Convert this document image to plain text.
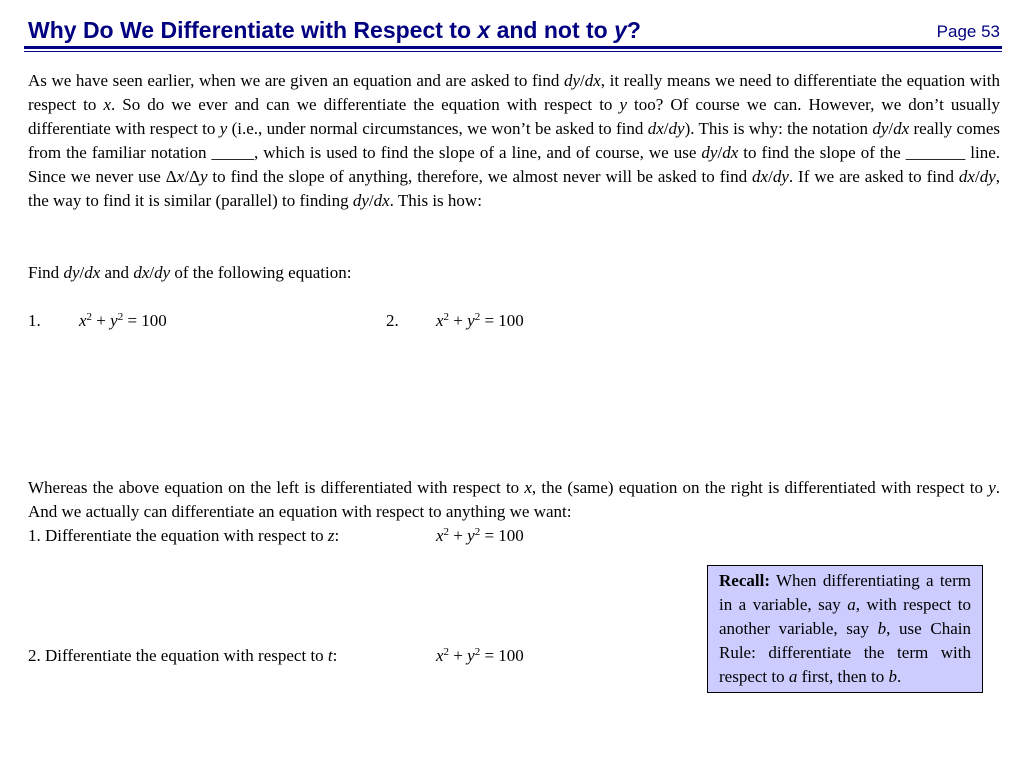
Why Do We Differentiate with Respect to x and not to y?	Page 53
As we have seen earlier, when we are given an equation and are asked to find dy/dx, it really means we need to differentiate the equation with respect to x. So do we ever and can we differentiate the equation with respect to y too? Of course we can. However, we don’t usually differentiate with respect to y (i.e., under normal circumstances, we won’t be asked to find dx/dy). This is why: the notation dy/dx really comes from the familiar notation _____, which is used to find the slope of a line, and of course, we use dy/dx to find the slope of the _______ line. Since we never use Δx/Δy to find the slope of anything, therefore, we almost never will be asked to find dx/dy. If we are asked to find dx/dy, the way to find it is similar (parallel) to finding dy/dx. This is how:
Find dy/dx and dx/dy of the following equation:
1. $x^2 + y^2 = 100$	2. $x^2 + y^2 = 100$
Whereas the above equation on the left is differentiated with respect to x, the (same) equation on the right is differentiated with respect to y. And we actually can differentiate an equation with respect to anything we want:
1. Differentiate the equation with respect to z:	$x^2 + y^2 = 100$
2. Differentiate the equation with respect to t:	$x^2 + y^2 = 100$
Recall: When differentiating a term in a variable, say a, with respect to another variable, say b, use Chain Rule: differentiate the term with respect to a first, then to b.
